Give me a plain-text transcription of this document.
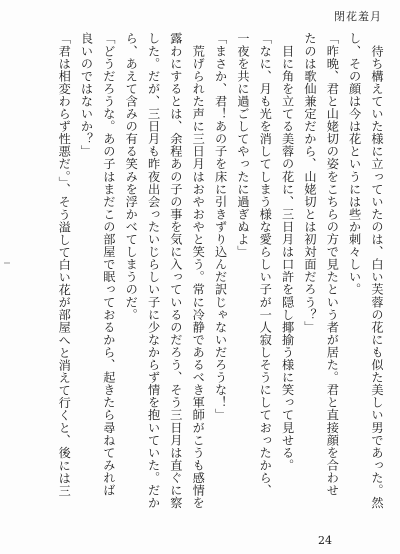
閉花羞月
　待ち構えていた様に立っていたのは、白い芙蓉の花にも似た美しい男であった。然
し、その顔は今は花というには些か刺々しい。
「昨晩、君と山姥切の姿をこちらの方で見たという者が居た。君と直接顔を合わせ
たのは歌仙兼定だから、山姥切とは初対面だろう？」
　目に角を立てる美蓉の花に、三日月は口許を隠し揶揄う様に笑って見せる。
「なに、月も光を消してしまう様な愛らしい子が一人寂しそうにしておったから、
一夜を共に過ごしてやったに過ぎぬよ」
「まさか、君！あの子を床に引きずり込んだ訳じゃないだろうな！」
　荒げられた声に三日月はおやおやと笑う。常に冷静であるべき軍師がこうも感情を
露わにするとは、余程あの子の事を気に入っているのだろう、そう三日月は直ぐに察
した。だが、三日月も昨夜出会ったいじらしい子に少なからず情を抱いていた。だか
ら、あえて含みの有る笑みを浮かべてしまうのだ。
「どうだろうな。あの子はまだこの部屋で眠っておるから、起きたら尋ねてみれば
良いのではないか？」
「君は相変わらず性悪だ。」、そう溢して白い花が部屋へと消えて行くと、後には三
24
